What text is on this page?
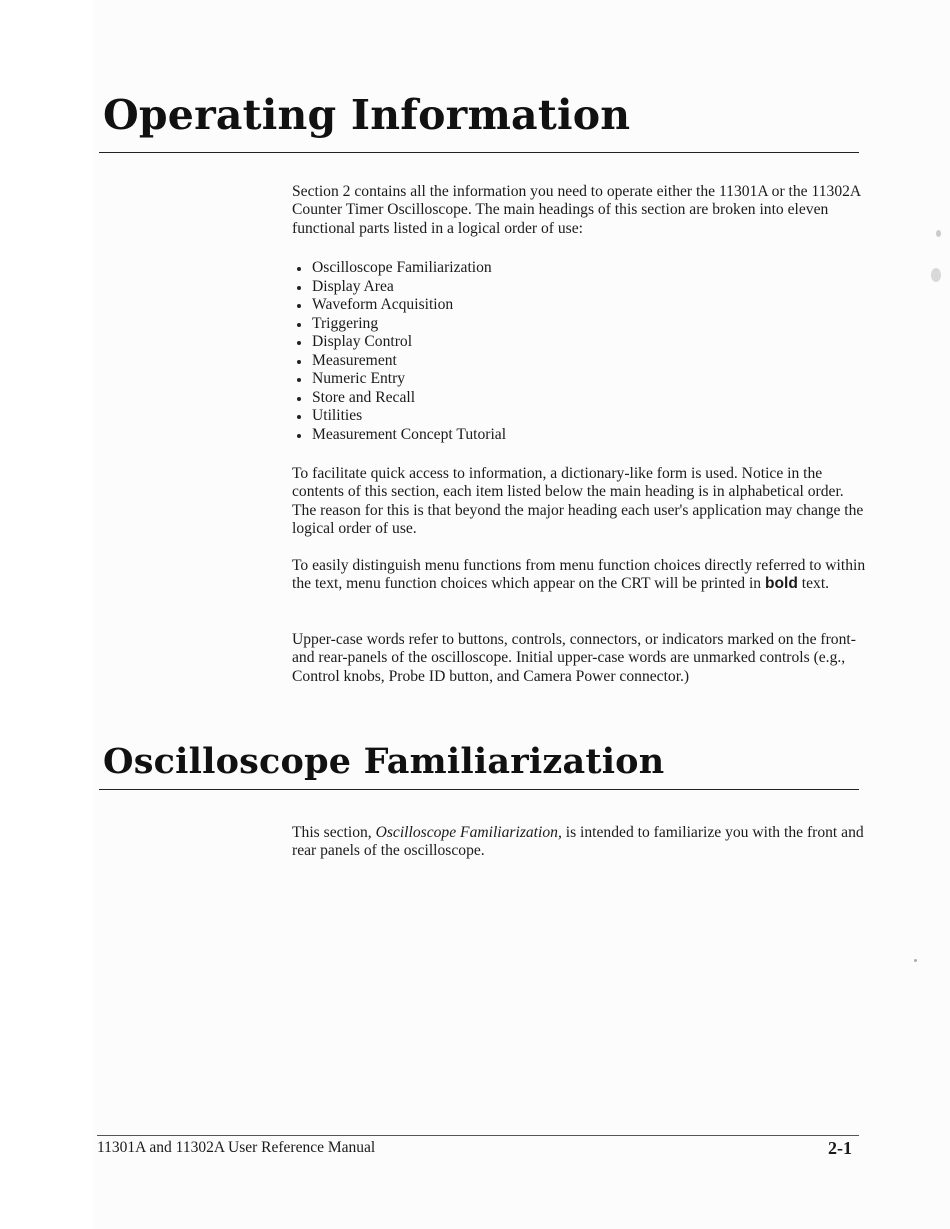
Operating Information

Section 2 contains all the information you need to operate either the 11301A or the 11302A Counter Timer Oscilloscope. The main headings of this section are broken into eleven functional parts listed in a logical order of use:

Oscilloscope Familiarization
Display Area
Waveform Acquisition
Triggering
Display Control
Measurement
Numeric Entry
Store and Recall
Utilities
Measurement Concept Tutorial

To facilitate quick access to information, a dictionary-like form is used. Notice in the contents of this section, each item listed below the main heading is in alphabetical order. The reason for this is that beyond the major heading each user's application may change the logical order of use.

To easily distinguish menu functions from menu function choices directly referred to within the text, menu function choices which appear on the CRT will be printed in bold text.

Upper-case words refer to buttons, controls, connectors, or indicators marked on the front- and rear-panels of the oscilloscope. Initial upper-case words are unmarked controls (e.g., Control knobs, Probe ID button, and Camera Power connector.)

Oscilloscope Familiarization

This section, Oscilloscope Familiarization, is intended to familiarize you with the front and rear panels of the oscilloscope.

11301A and 11302A User Reference Manual	2-1
